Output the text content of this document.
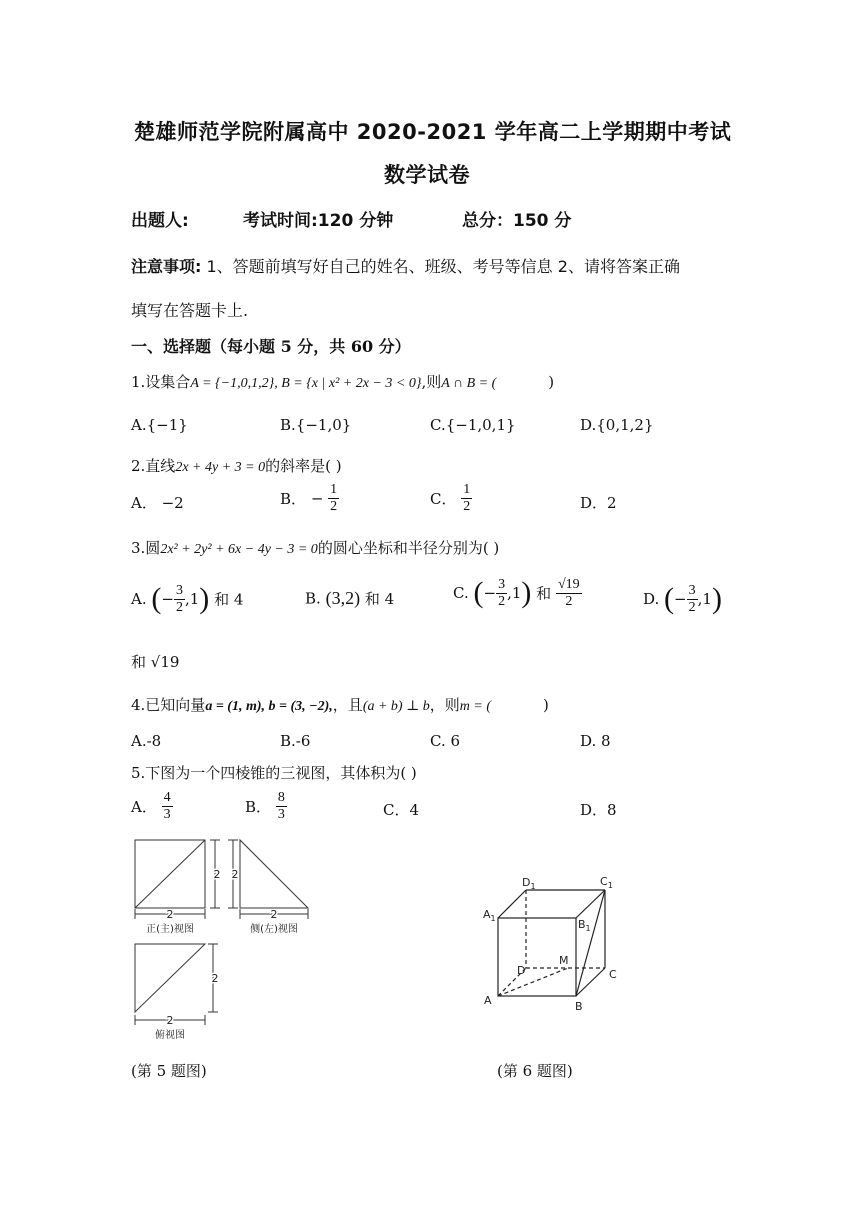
楚雄师范学院附属高中 2020-2021 学年高二上学期期中考试
数学试卷
出题人:	考试时间:120 分钟	总分：150 分
注意事项: 1、答题前填写好自己的姓名、班级、考号等信息 2、请将答案正确
填写在答题卡上.
一、选择题（每小题 5 分，共 60 分）
1.设集合A = {−1,0,1,2}, B = {x | x² + 2x − 3 < 0},则A ∩ B = (	)
A.{−1}	B.{−1,0}	C.{−1,0,1}	D.{0,1,2}
2.直线2x + 4y + 3 = 0的斜率是( )
A． −2	B． − $\frac{1}{2}$	C． $\frac{1}{2}$	D．2
3.圆2x² + 2y² + 6x − 4y − 3 = 0的圆心坐标和半径分别为( )
A. (− $\frac{3}{2} ,1$) 和 4	B. (3,2) 和 4	C. (− $\frac{3}{2} ,1$) 和 $\frac{√19}{2}$	D. (− $\frac{3}{2} ,1$)
和 √19
4.已知向量a = (1, m), b = (3, −2),，且(a + b) ⊥ b，则m = (	)
A.-8	B.-6	C. 6	D. 8
5.下图为一个四棱锥的三视图，其体积为( )
A． $\frac{4}{3}$	B． $\frac{8}{3}$	C．4	D．8
2
2
正(主)视图
2
2
侧(左)视图
2
2
俯视图
$D_1$	$C_1$
$A_1$	$B_1$
D
M
C
A	B
(第 5 题图)	(第 6 题图)
